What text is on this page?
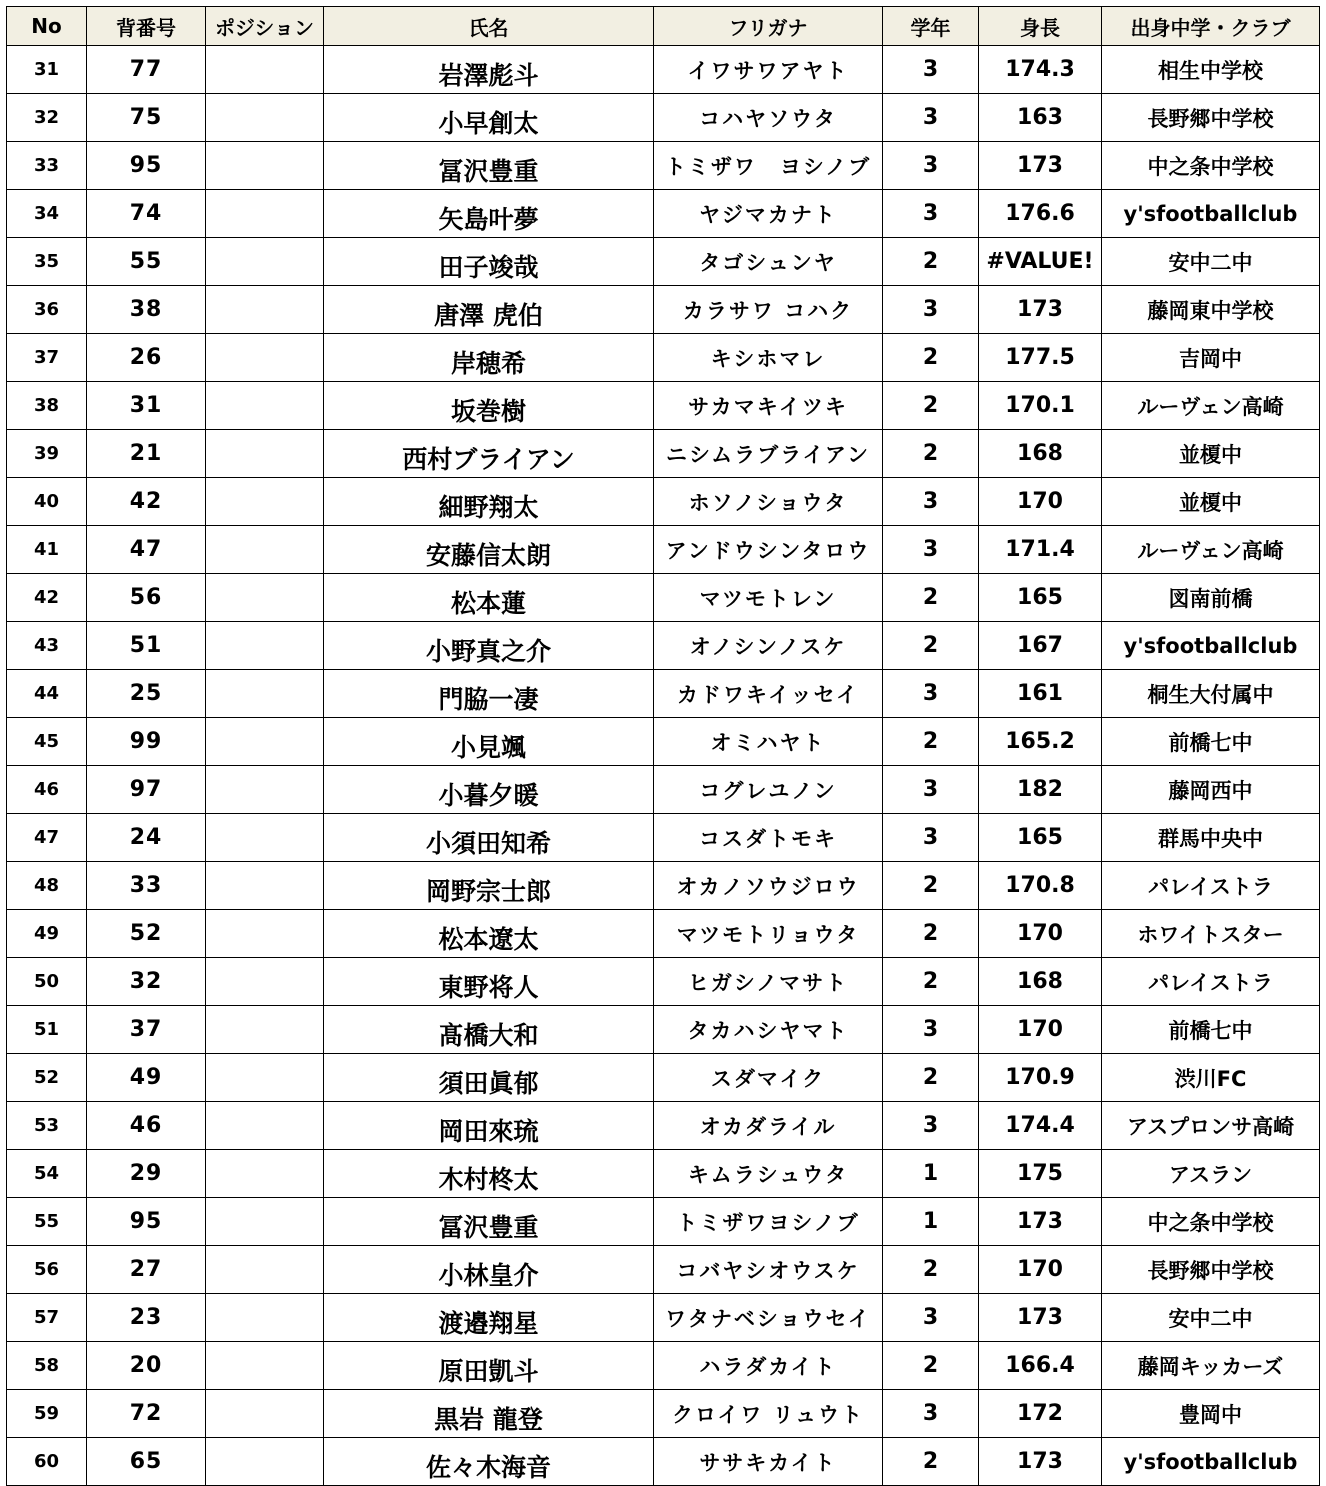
No	背番号	ポジション	氏名	フリガナ	学年	身長	出身中学・クラブ
31	77		岩澤彪斗	イワサワアヤト	3	174.3	相生中学校
32	75		小早創太	コハヤソウタ	3	163	長野郷中学校
33	95		冨沢豊重	トミザワ　ヨシノブ	3	173	中之条中学校
34	74		矢島叶夢	ヤジマカナト	3	176.6	y'sfootballclub
35	55		田子竣哉	タゴシュンヤ	2	#VALUE!	安中二中
36	38		唐澤 虎伯	カラサワ コハク	3	173	藤岡東中学校
37	26		岸穂希	キシホマレ	2	177.5	吉岡中
38	31		坂巻樹	サカマキイツキ	2	170.1	ルーヴェン高崎
39	21		西村ブライアン	ニシムラブライアン	2	168	並榎中
40	42		細野翔太	ホソノショウタ	3	170	並榎中
41	47		安藤信太朗	アンドウシンタロウ	3	171.4	ルーヴェン高崎
42	56		松本蓮	マツモトレン	2	165	図南前橋
43	51		小野真之介	オノシンノスケ	2	167	y'sfootballclub
44	25		門脇一凄	カドワキイッセイ	3	161	桐生大付属中
45	99		小見颯	オミハヤト	2	165.2	前橋七中
46	97		小暮夕暖	コグレユノン	3	182	藤岡西中
47	24		小須田知希	コスダトモキ	3	165	群馬中央中
48	33		岡野宗士郎	オカノソウジロウ	2	170.8	パレイストラ
49	52		松本遼太	マツモトリョウタ	2	170	ホワイトスター
50	32		東野将人	ヒガシノマサト	2	168	パレイストラ
51	37		髙橋大和	タカハシヤマト	3	170	前橋七中
52	49		須田眞郁	スダマイク	2	170.9	渋川FC
53	46		岡田來琉	オカダライル	3	174.4	アスプロンサ高崎
54	29		木村柊太	キムラシュウタ	1	175	アスラン
55	95		冨沢豊重	トミザワヨシノブ	1	173	中之条中学校
56	27		小林皇介	コバヤシオウスケ	2	170	長野郷中学校
57	23		渡邉翔星	ワタナベショウセイ	3	173	安中二中
58	20		原田凱斗	ハラダカイト	2	166.4	藤岡キッカーズ
59	72		黒岩 龍登	クロイワ リュウト	3	172	豊岡中
60	65		佐々木海音	ササキカイト	2	173	y'sfootballclub
